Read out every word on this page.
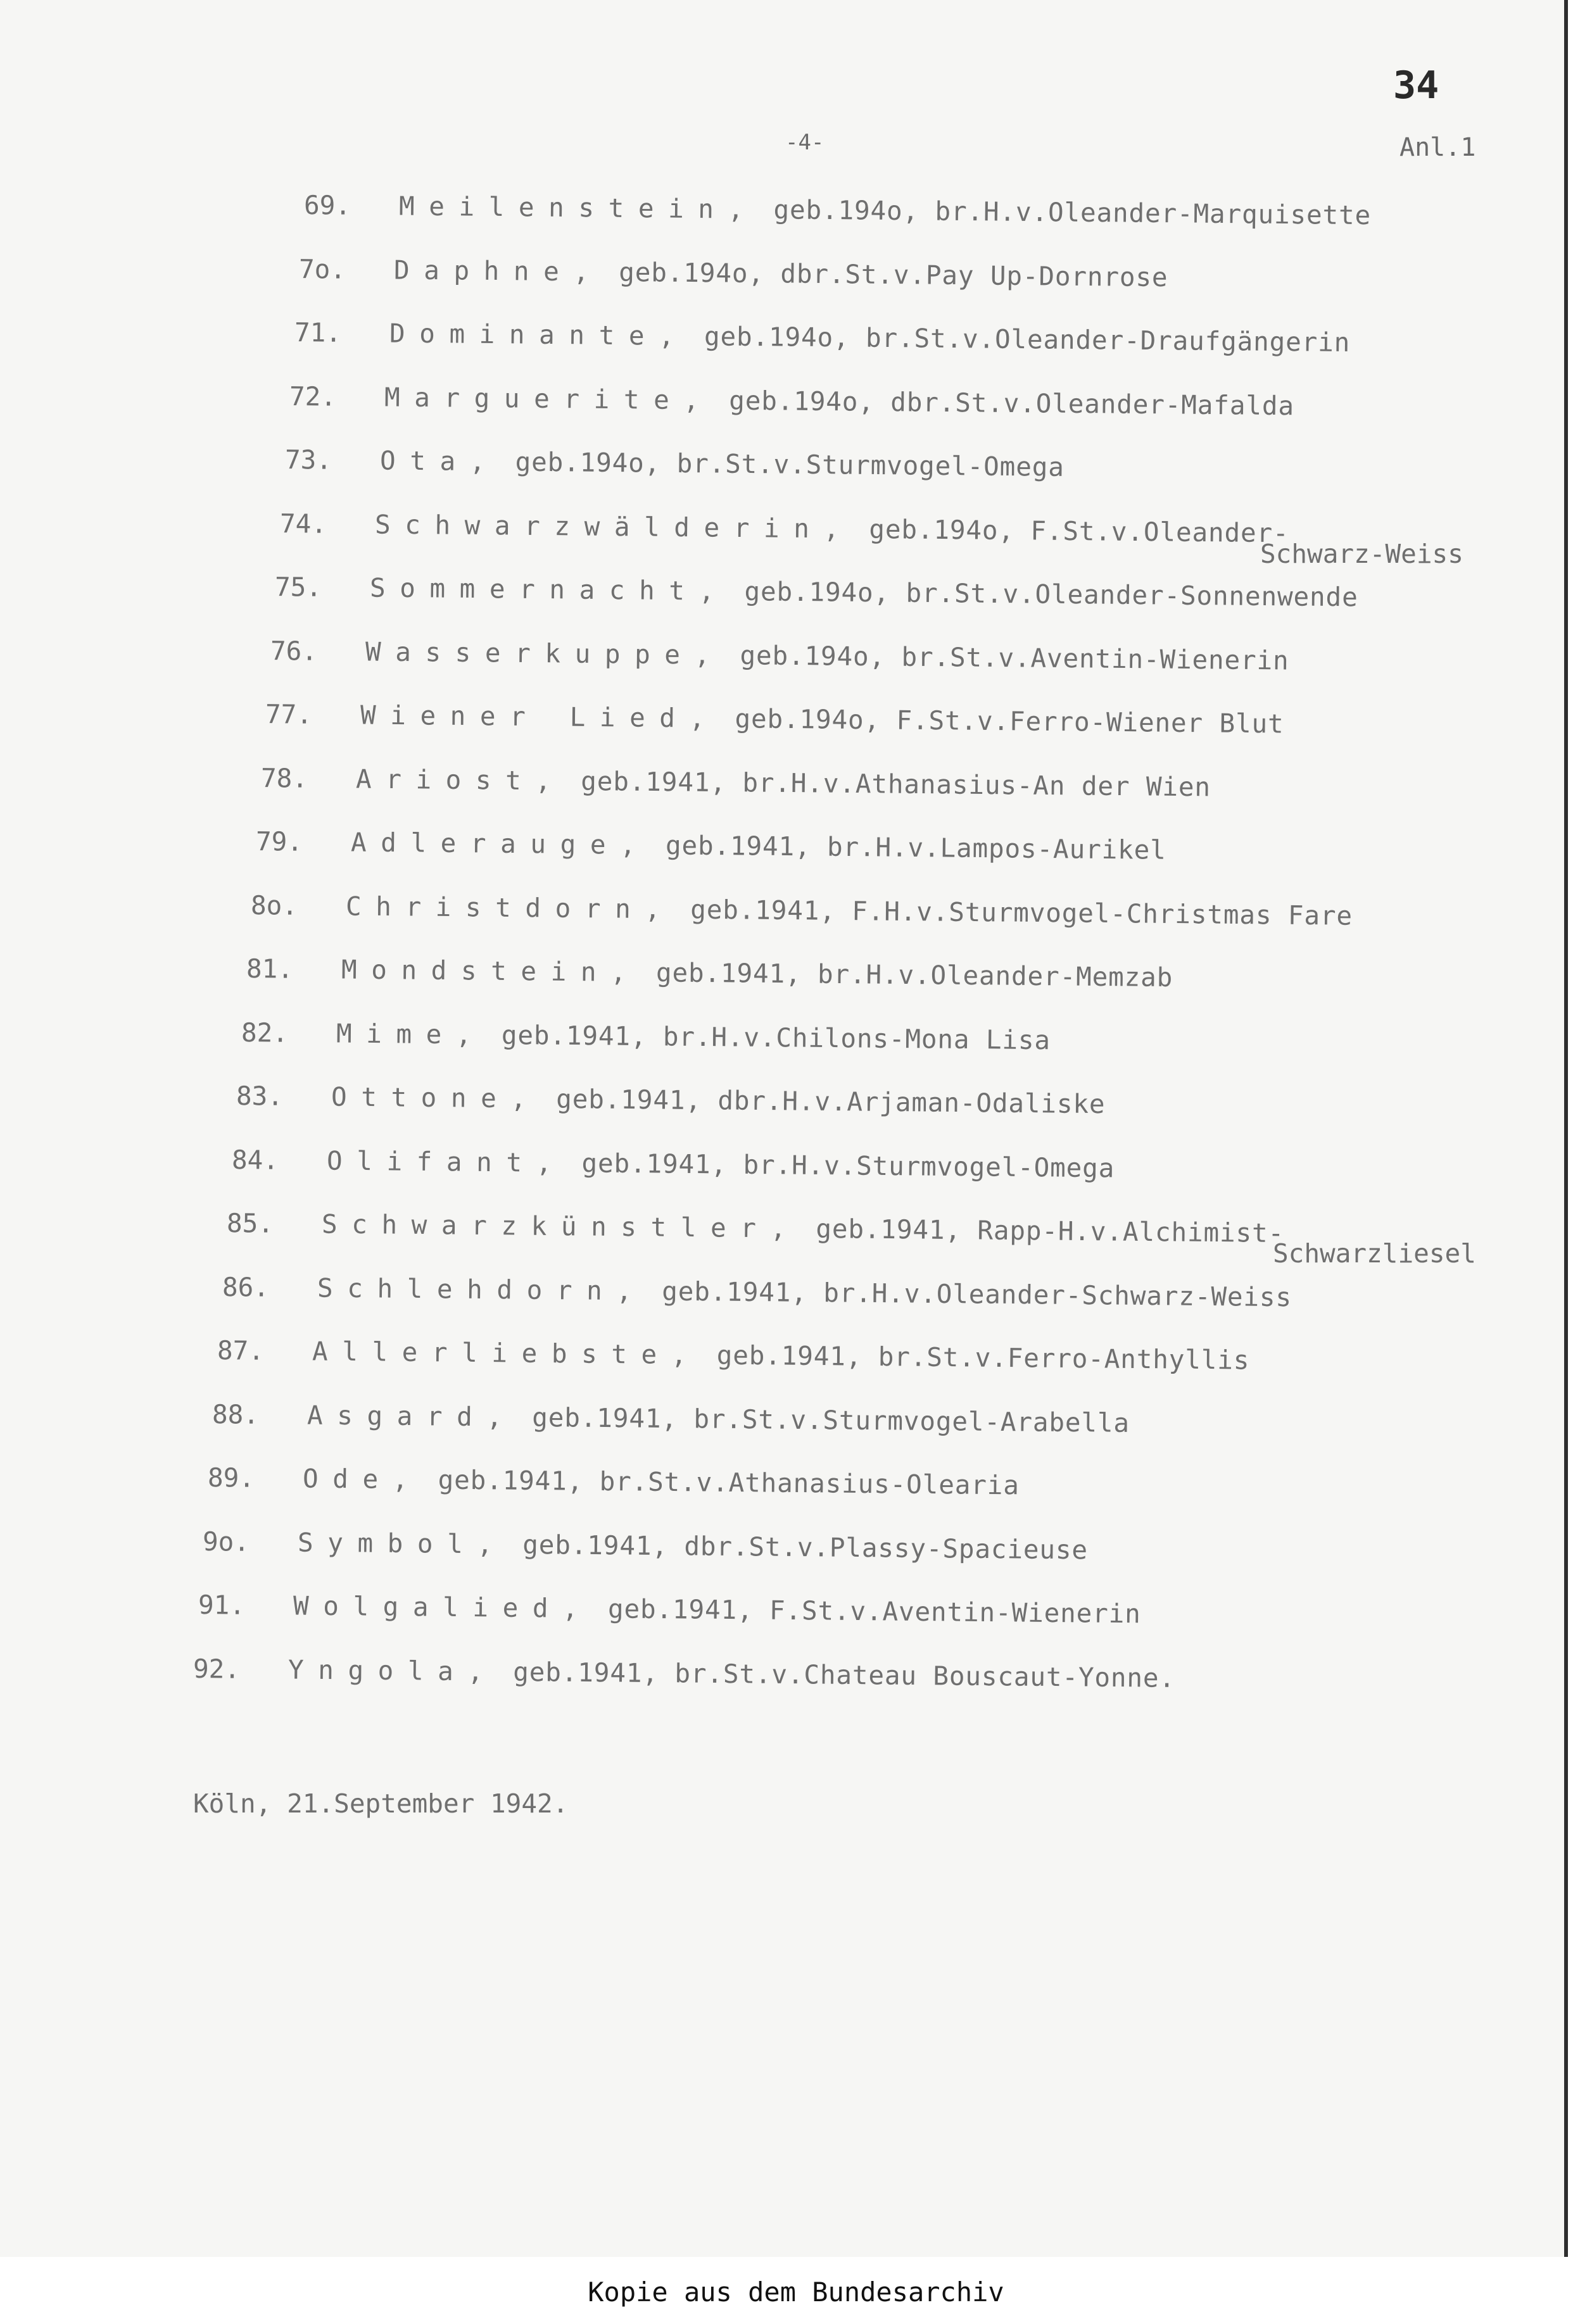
34
-4-	Anl.1
69. Meilenstein, geb.194o, br.H.v.Oleander-Marquisette
7o. Daphne, geb.194o, dbr.St.v.Pay Up-Dornrose
71. Dominante, geb.194o, br.St.v.Oleander-Draufgängerin
72. Marguerite, geb.194o, dbr.St.v.Oleander-Mafalda
73. Ota, geb.194o, br.St.v.Sturmvogel-Omega
74. Schwarzwälderin, geb.194o, F.St.v.Oleander-
Schwarz-Weiss
75. Sommernacht, geb.194o, br.St.v.Oleander-Sonnenwende
76. Wasserkuppe, geb.194o, br.St.v.Aventin-Wienerin
77. Wiener Lied, geb.194o, F.St.v.Ferro-Wiener Blut
78. Ariost, geb.1941, br.H.v.Athanasius-An der Wien
79. Adlerauge, geb.1941, br.H.v.Lampos-Aurikel
8o. Christdorn, geb.1941, F.H.v.Sturmvogel-Christmas Fare
81. Mondstein, geb.1941, br.H.v.Oleander-Memzab
82. Mime, geb.1941, br.H.v.Chilons-Mona Lisa
83. Ottone, geb.1941, dbr.H.v.Arjaman-Odaliske
84. Olifant, geb.1941, br.H.v.Sturmvogel-Omega
85. Schwarzkünstler, geb.1941, Rapp-H.v.Alchimist-
Schwarzliesel
86. Schlehdorn, geb.1941, br.H.v.Oleander-Schwarz-Weiss
87. Allerliebste, geb.1941, br.St.v.Ferro-Anthyllis
88. Asgard, geb.1941, br.St.v.Sturmvogel-Arabella
89. Ode, geb.1941, br.St.v.Athanasius-Olearia
9o. Symbol, geb.1941, dbr.St.v.Plassy-Spacieuse
91. Wolgalied, geb.1941, F.St.v.Aventin-Wienerin
92. Yngola, geb.1941, br.St.v.Chateau Bouscaut-Yonne.
Köln, 21.September 1942.
Kopie aus dem Bundesarchiv
